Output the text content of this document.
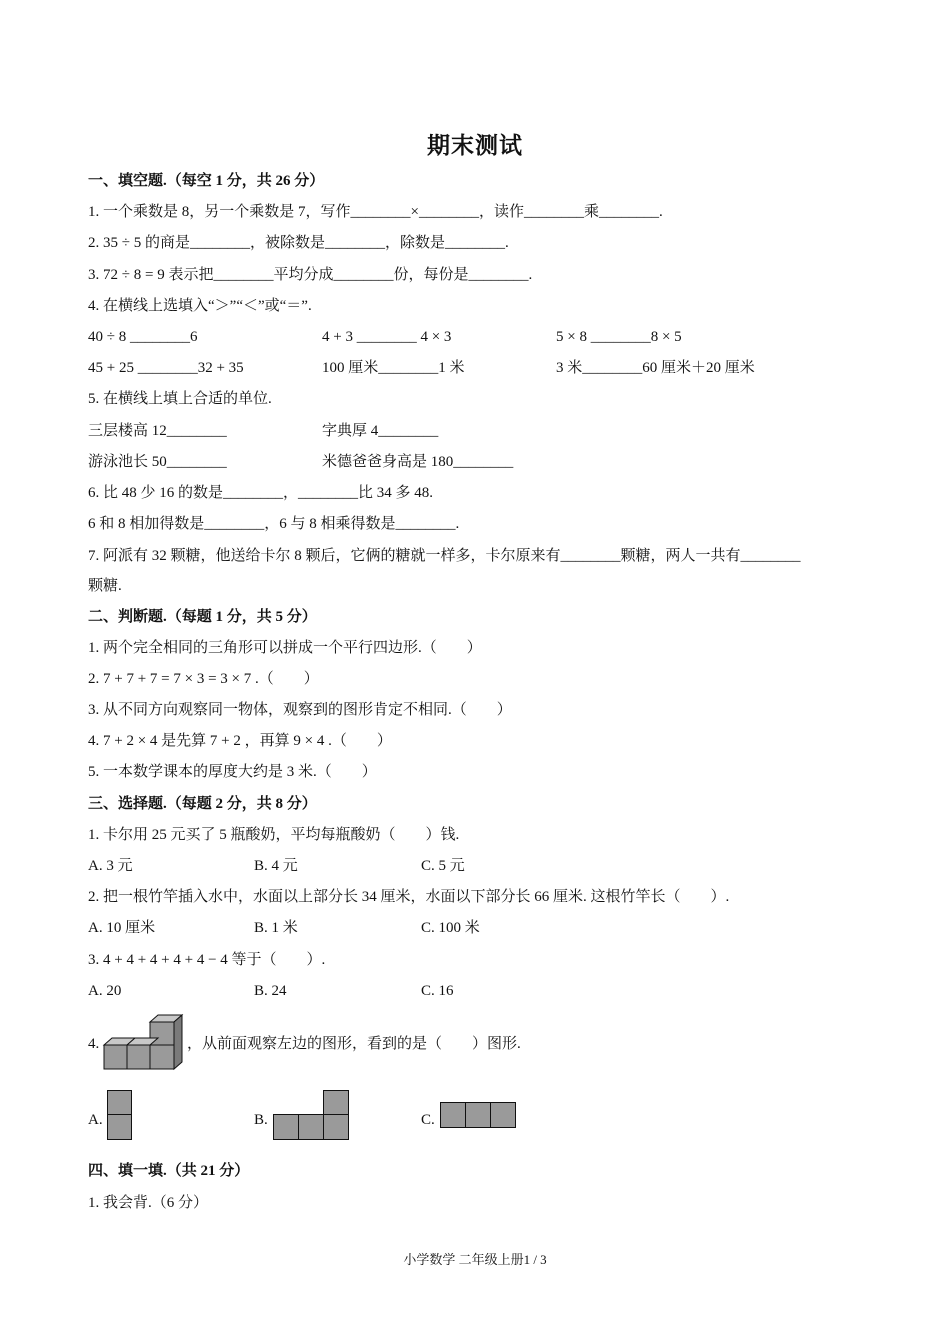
期末测试
一、填空题.（每空 1 分，共 26 分）
1. 一个乘数是 8，另一个乘数是 7，写作________×________，读作________乘________.
2. 35 ÷ 5 的商是________，被除数是________，除数是________.
3. 72 ÷ 8 = 9 表示把________平均分成________份，每份是________.
4. 在横线上选填入“＞”“＜”或“＝”.
40 ÷ 8 ________6	4 + 3 ________ 4 × 3	5 × 8 ________8 × 5
45 + 25 ________32 + 35	100 厘米________1 米	3 米________60 厘米＋20 厘米
5. 在横线上填上合适的单位.
三层楼高 12________	字典厚 4________
游泳池长 50________	米德爸爸身高是 180________
6. 比 48 少 16 的数是________，________比 34 多 48.
6 和 8 相加得数是________，6 与 8 相乘得数是________.
7. 阿派有 32 颗糖，他送给卡尔 8 颗后，它俩的糖就一样多，卡尔原来有________颗糖，两人一共有________
颗糖.
二、判断题.（每题 1 分，共 5 分）
1. 两个完全相同的三角形可以拼成一个平行四边形.（　　）
2. 7 + 7 + 7 = 7 × 3 = 3 × 7 .（　　）
3. 从不同方向观察同一物体，观察到的图形肯定不相同.（　　）
4. 7 + 2 × 4 是先算 7 + 2 ，再算 9 × 4 .（　　）
5. 一本数学课本的厚度大约是 3 米.（　　）
三、选择题.（每题 2 分，共 8 分）
1. 卡尔用 25 元买了 5 瓶酸奶，平均每瓶酸奶（　　）钱.
A. 3 元	B. 4 元	C. 5 元
2. 把一根竹竿插入水中，水面以上部分长 34 厘米，水面以下部分长 66 厘米. 这根竹竿长（　　）.
A. 10 厘米	B. 1 米	C. 100 米
3. 4 + 4 + 4 + 4 + 4 − 4 等于（　　）.
A. 20	B. 24	C. 16
4.	，从前面观察左边的图形，看到的是（　　）图形.
A.	B.	C.
四、填一填.（共 21 分）
1. 我会背.（6 分）
小学数学 二年级上册1 / 3
